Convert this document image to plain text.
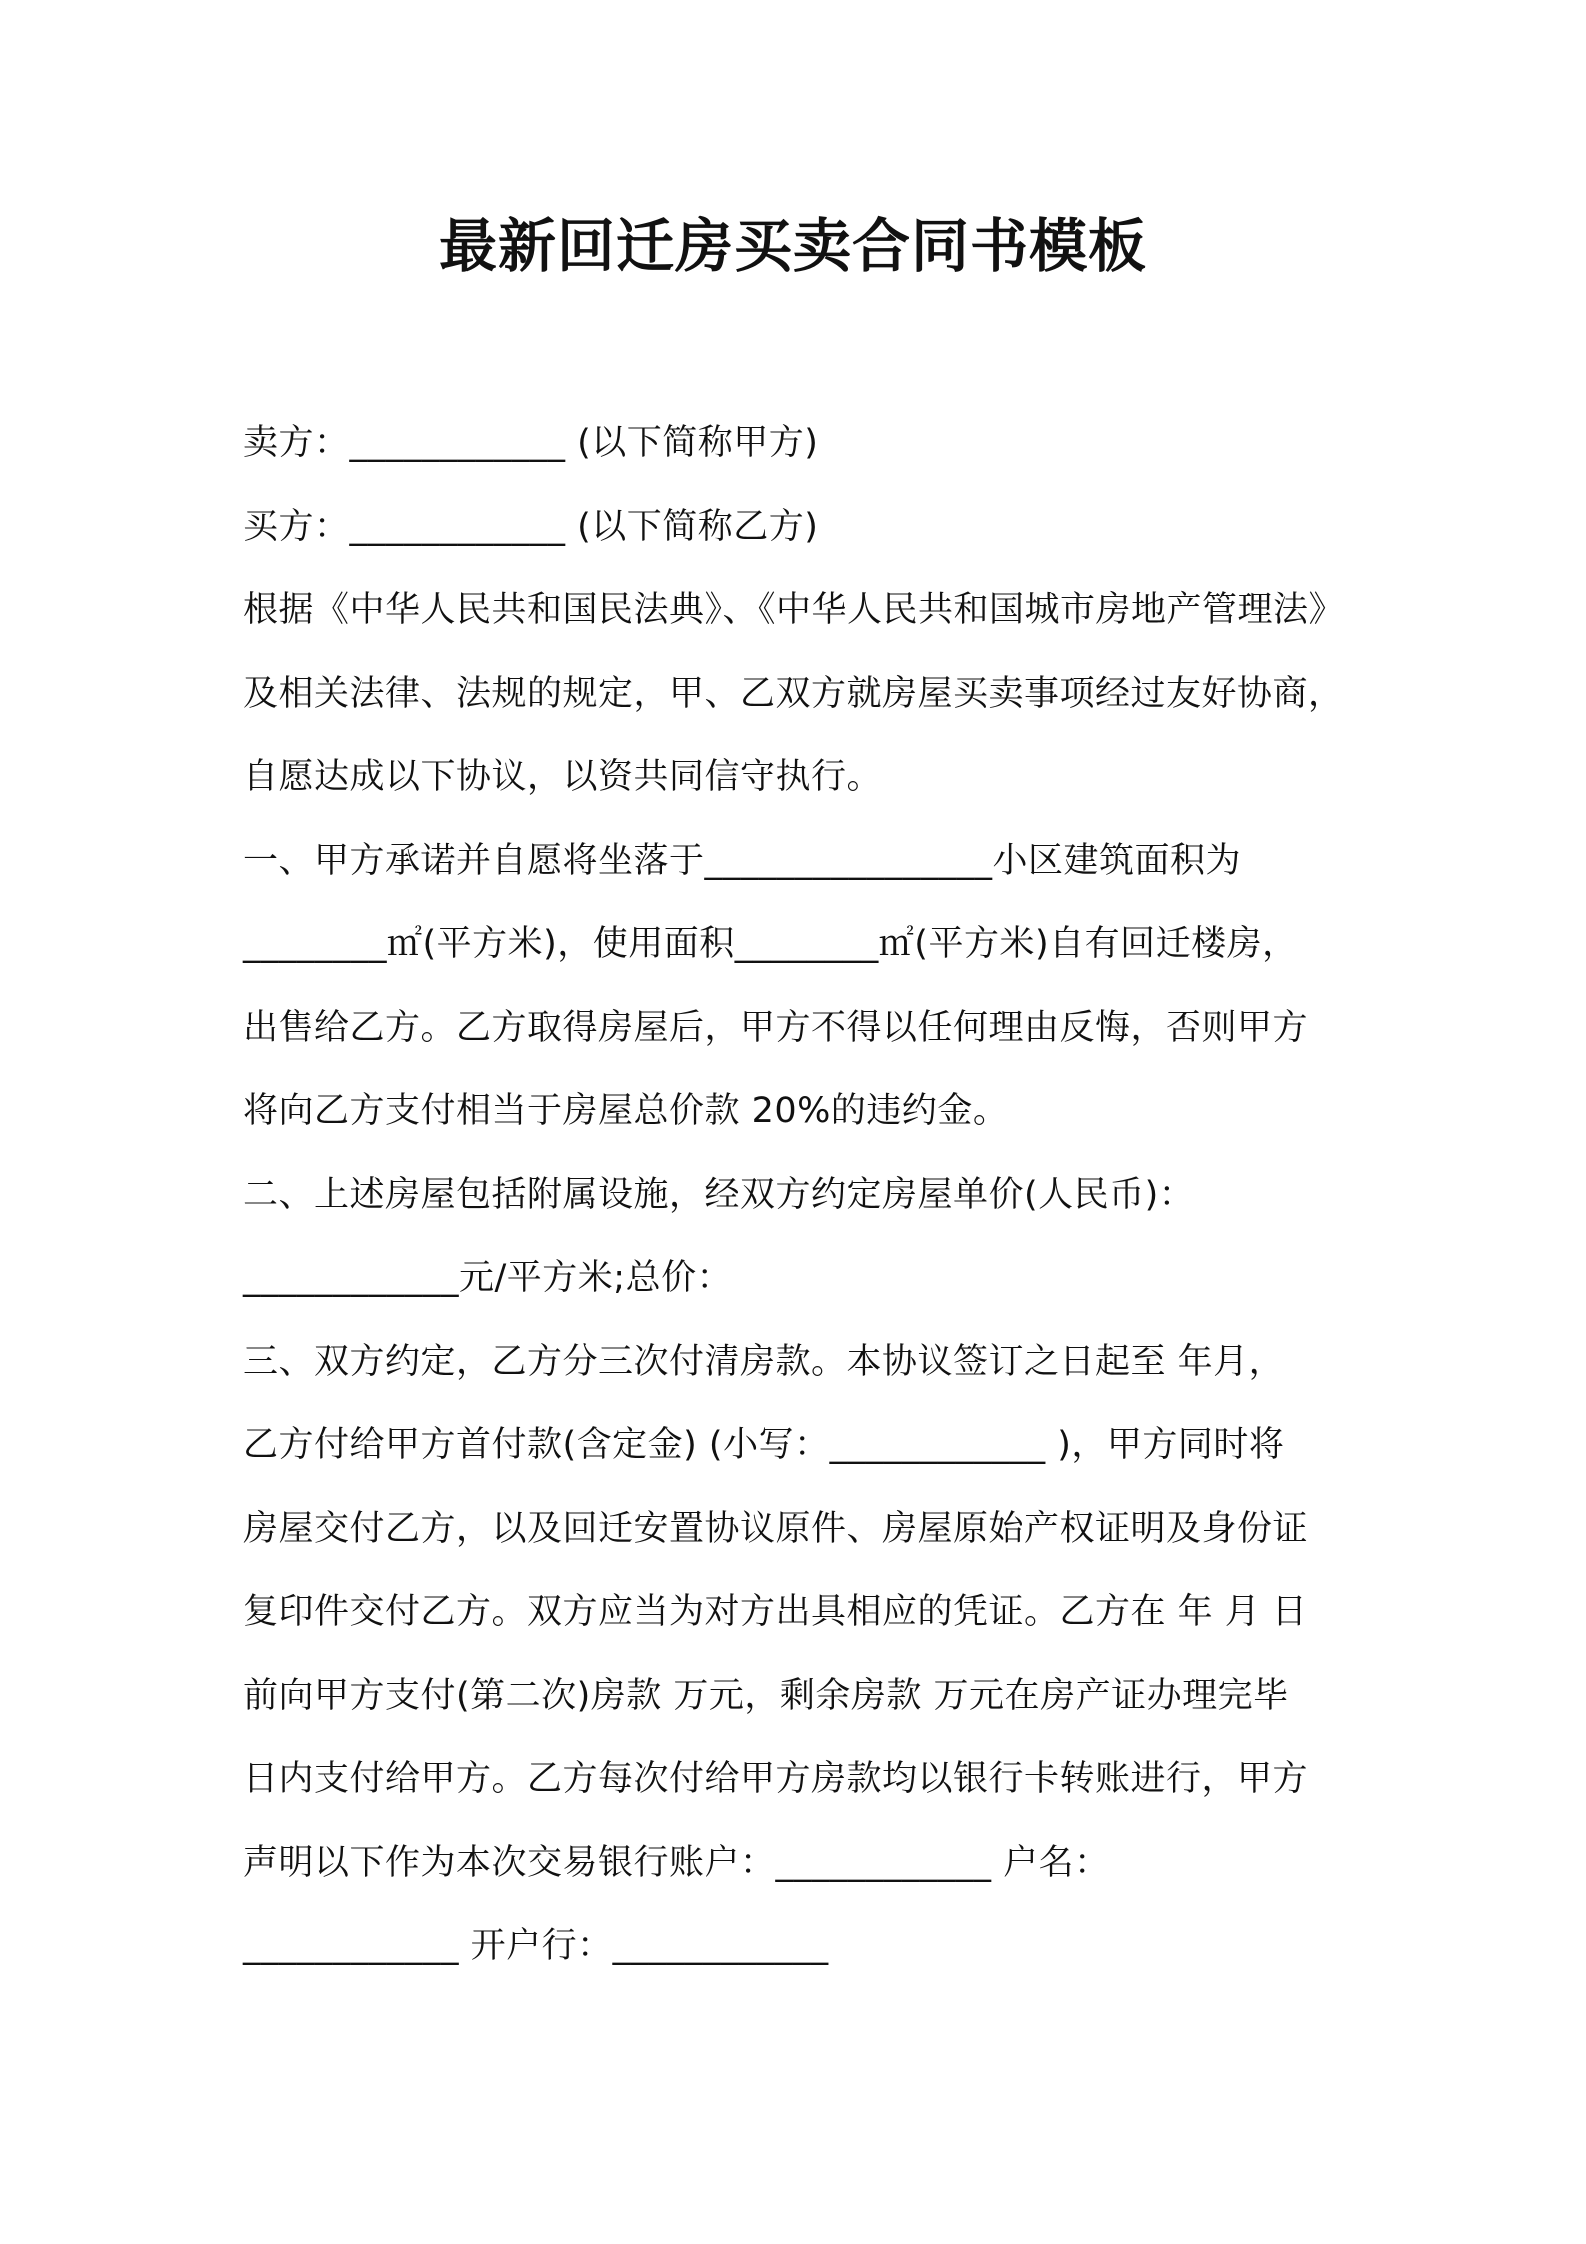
最新回迁房买卖合同书模板
卖方：____________ (以下简称甲方)
买方：____________ (以下简称乙方)
根据《中华人民共和国民法典》、《中华人民共和国城市房地产管理法》
及相关法律、法规的规定，甲、乙双方就房屋买卖事项经过友好协商，
自愿达成以下协议，以资共同信守执行。
一、甲方承诺并自愿将坐落于________________小区建筑面积为
________㎡(平方米)，使用面积________㎡(平方米)自有回迁楼房，
出售给乙方。乙方取得房屋后，甲方不得以任何理由反悔，否则甲方
将向乙方支付相当于房屋总价款 20%的违约金。
二、上述房屋包括附属设施，经双方约定房屋单价(人民币)：
____________元/平方米;总价：
三、双方约定，乙方分三次付清房款。本协议签订之日起至 年月，
乙方付给甲方首付款(含定金) (小写：____________ )，甲方同时将
房屋交付乙方，以及回迁安置协议原件、房屋原始产权证明及身份证
复印件交付乙方。双方应当为对方出具相应的凭证。乙方在 年 月 日
前向甲方支付(第二次)房款 万元，剩余房款 万元在房产证办理完毕
日内支付给甲方。乙方每次付给甲方房款均以银行卡转账进行，甲方
声明以下作为本次交易银行账户：____________ 户名：
____________ 开户行：____________
